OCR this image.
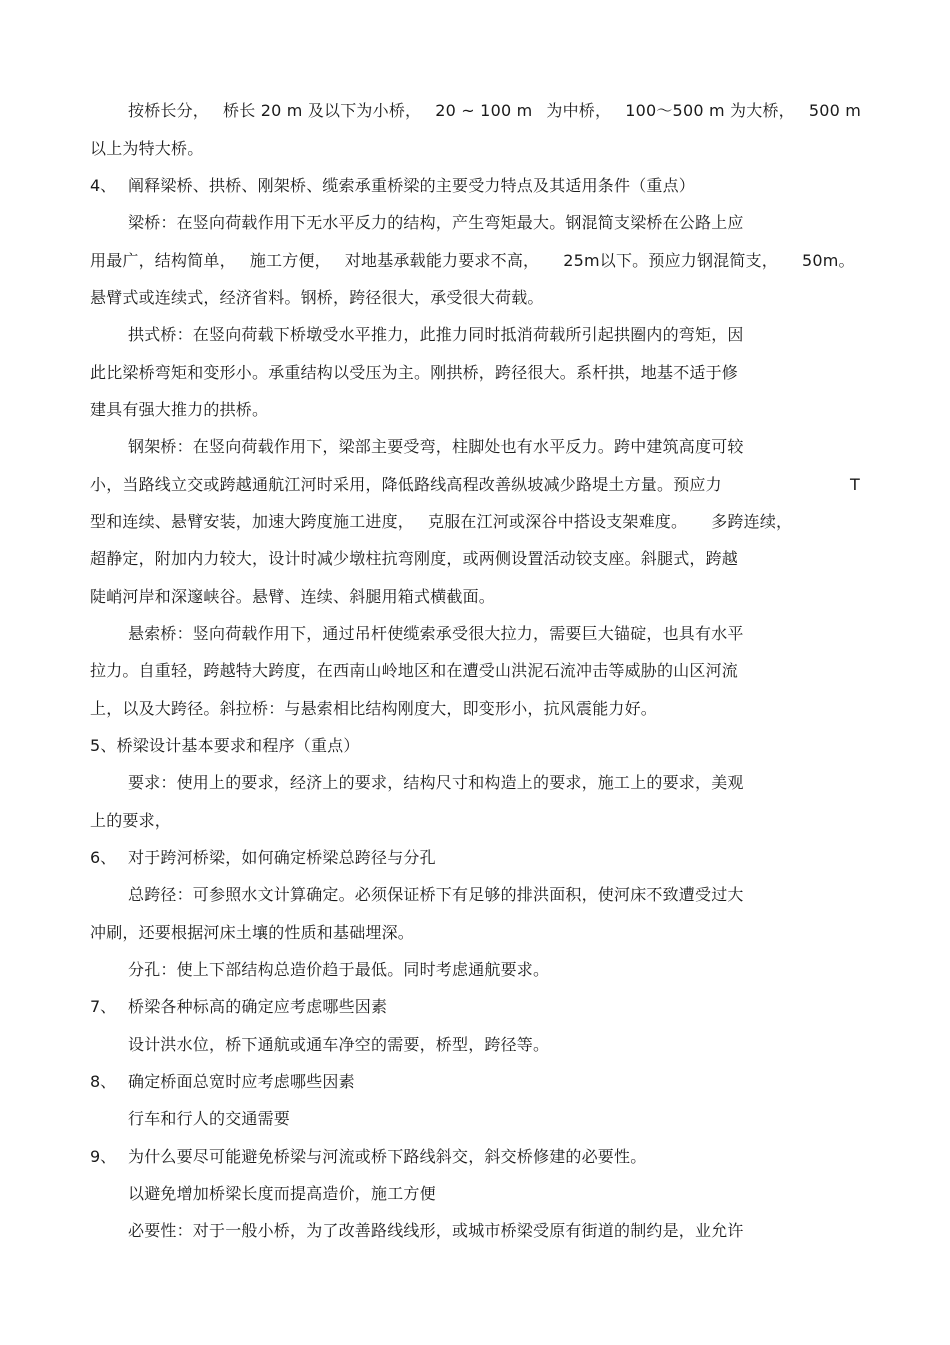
按桥长分， 桥长 20 m 及以下为小桥， 20 ~ 100 m 为中桥， 100～500 m 为大桥， 500 m
以上为特大桥。
4、 阐释梁桥、拱桥、刚架桥、缆索承重桥梁的主要受力特点及其适用条件（重点）
梁桥：在竖向荷载作用下无水平反力的结构，产生弯矩最大。钢混简支梁桥在公路上应
用最广，结构简单， 施工方便， 对地基承载能力要求不高， 25m以下。预应力钢混简支， 50m。
悬臂式或连续式，经济省料。钢桥，跨径很大，承受很大荷载。
拱式桥：在竖向荷载下桥墩受水平推力，此推力同时抵消荷载所引起拱圈内的弯矩，因
此比梁桥弯矩和变形小。承重结构以受压为主。刚拱桥，跨径很大。系杆拱，地基不适于修
建具有强大推力的拱桥。
钢架桥：在竖向荷载作用下，梁部主要受弯，柱脚处也有水平反力。跨中建筑高度可较
小，当路线立交或跨越通航江河时采用，降低路线高程改善纵坡减少路堤土方量。预应力	T
型和连续、悬臂安装，加速大跨度施工进度， 克服在江河或深谷中搭设支架难度。 多跨连续，
超静定，附加内力较大，设计时减少墩柱抗弯刚度，或两侧设置活动铰支座。斜腿式，跨越
陡峭河岸和深邃峡谷。悬臂、连续、斜腿用箱式横截面。
悬索桥：竖向荷载作用下，通过吊杆使缆索承受很大拉力，需要巨大锚碇，也具有水平
拉力。自重轻，跨越特大跨度，在西南山岭地区和在遭受山洪泥石流冲击等威胁的山区河流
上，以及大跨径。斜拉桥：与悬索相比结构刚度大，即变形小，抗风震能力好。
5、桥梁设计基本要求和程序（重点）
要求：使用上的要求，经济上的要求，结构尺寸和构造上的要求，施工上的要求，美观
上的要求，
6、 对于跨河桥梁，如何确定桥梁总跨径与分孔
总跨径：可参照水文计算确定。必须保证桥下有足够的排洪面积，使河床不致遭受过大
冲刷，还要根据河床土壤的性质和基础埋深。
分孔：使上下部结构总造价趋于最低。同时考虑通航要求。
7、 桥梁各种标高的确定应考虑哪些因素
设计洪水位，桥下通航或通车净空的需要，桥型，跨径等。
8、 确定桥面总宽时应考虑哪些因素
行车和行人的交通需要
9、 为什么要尽可能避免桥梁与河流或桥下路线斜交，斜交桥修建的必要性。
以避免增加桥梁长度而提高造价，施工方便
必要性：对于一般小桥，为了改善路线线形，或城市桥梁受原有街道的制约是，业允许
